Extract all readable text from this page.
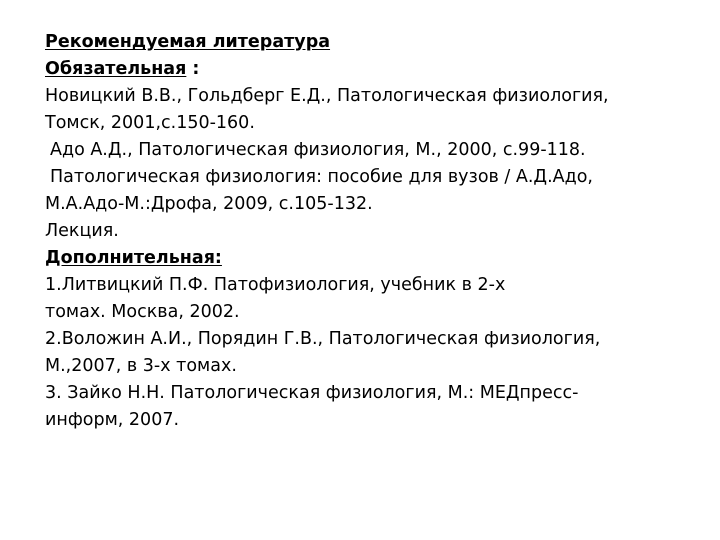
Рекомендуемая литература
Обязательная :
Новицкий В.В., Гольдберг Е.Д., Патологическая физиология,
Томск, 2001,с.150-160.
Адо А.Д., Патологическая физиология, М., 2000, с.99-118.
Патологическая физиология: пособие для вузов / А.Д.Адо,
М.А.Адо-М.:Дрофа, 2009, с.105-132.
Лекция.
Дополнительная:
1.Литвицкий П.Ф. Патофизиология, учебник в 2-х
томах. Москва, 2002.
2.Воложин А.И., Порядин Г.В., Патологическая физиология,
М.,2007, в 3-х томах.
3. Зайко Н.Н. Патологическая физиология, М.: МЕДпресс-
информ, 2007.
